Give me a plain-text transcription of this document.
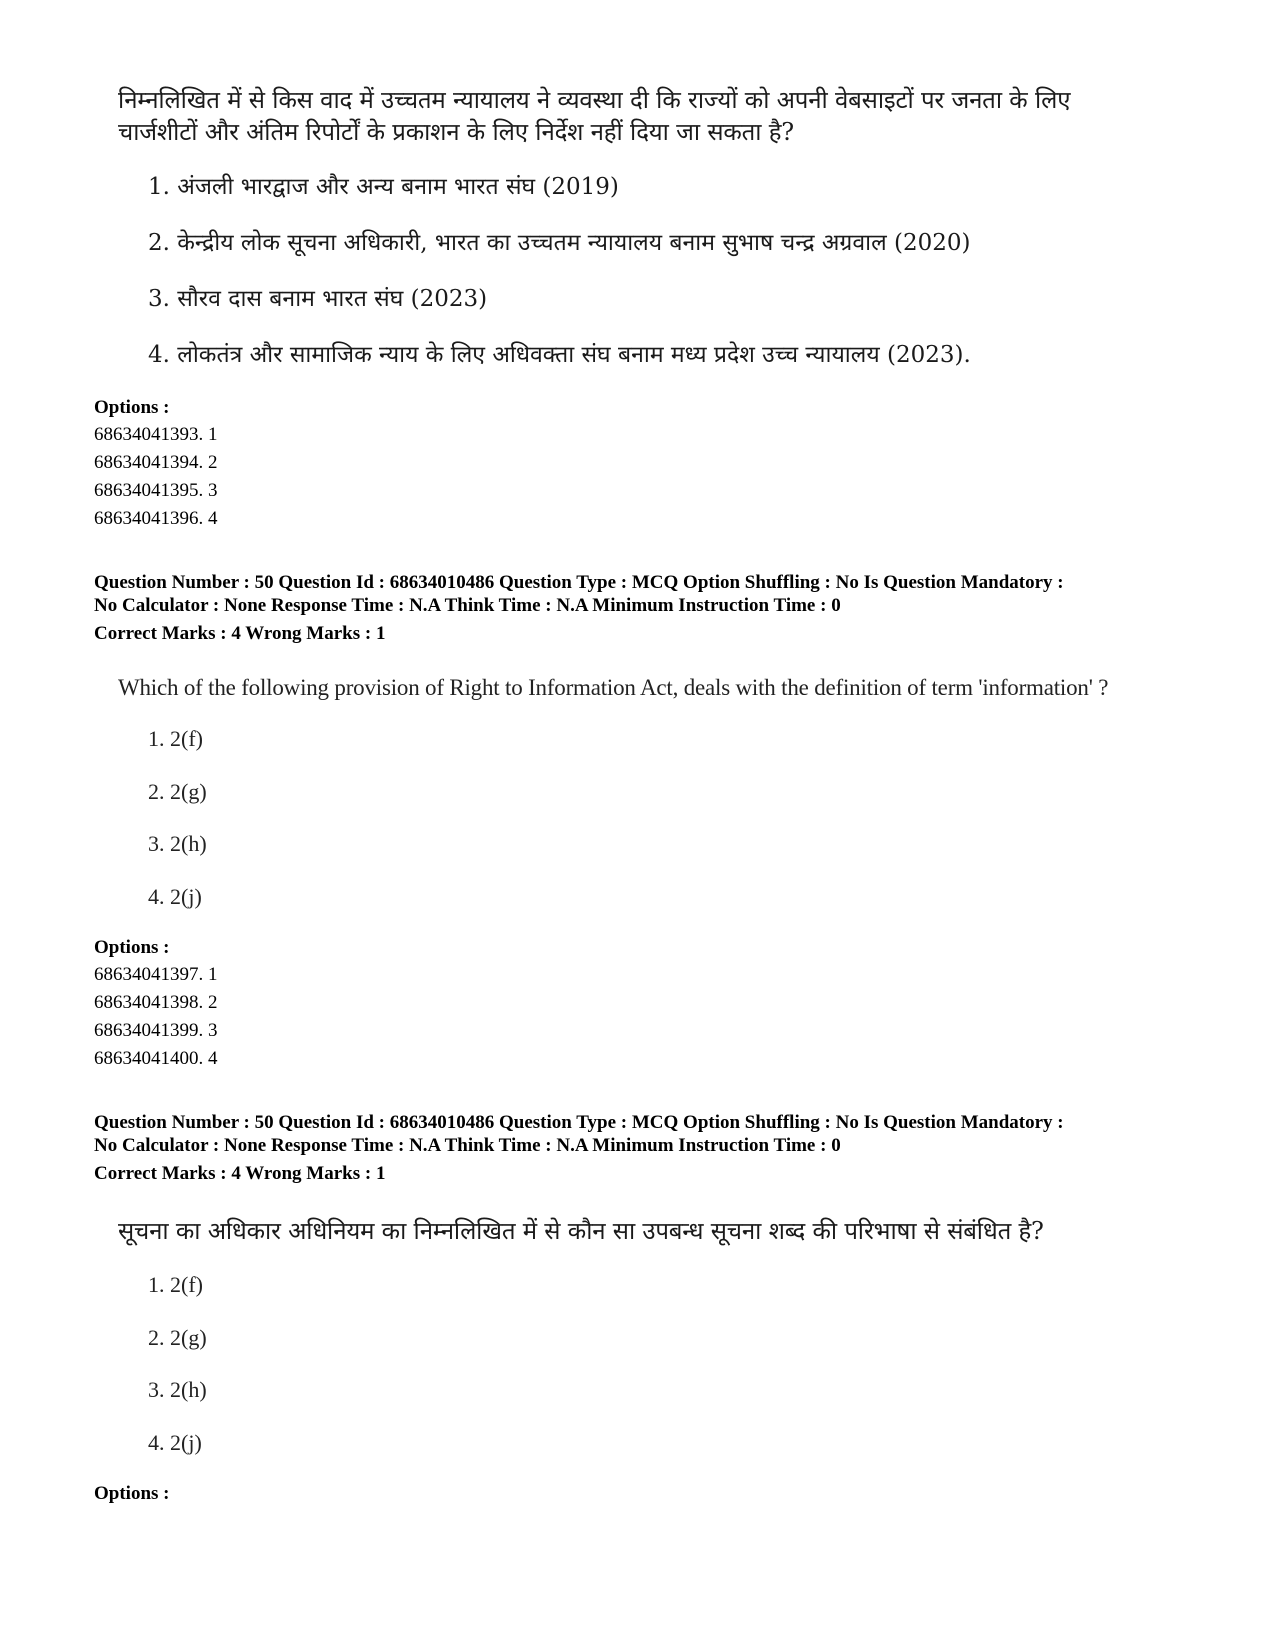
निम्नलिखित में से किस वाद में उच्चतम न्यायालय ने व्यवस्था दी कि राज्यों को अपनी वेबसाइटों पर जनता के लिए
चार्जशीटों और अंतिम रिपोर्टों के प्रकाशन के लिए निर्देश नहीं दिया जा सकता है?
1. अंजली भारद्वाज और अन्य बनाम भारत संघ (2019)
2. केन्द्रीय लोक सूचना अधिकारी, भारत का उच्चतम न्यायालय बनाम सुभाष चन्द्र अग्रवाल (2020)
3. सौरव दास बनाम भारत संघ (2023)
4. लोकतंत्र और सामाजिक न्याय के लिए अधिवक्ता संघ बनाम मध्य प्रदेश उच्च न्यायालय (2023).
Options :
68634041393. 1
68634041394. 2
68634041395. 3
68634041396. 4
Question Number : 50 Question Id : 68634010486 Question Type : MCQ Option Shuffling : No Is Question Mandatory :
No Calculator : None Response Time : N.A Think Time : N.A Minimum Instruction Time : 0
Correct Marks : 4 Wrong Marks : 1
Which of the following provision of Right to Information Act, deals with the definition of term 'information' ?
1. 2(f)
2. 2(g)
3. 2(h)
4. 2(j)
Options :
68634041397. 1
68634041398. 2
68634041399. 3
68634041400. 4
Question Number : 50 Question Id : 68634010486 Question Type : MCQ Option Shuffling : No Is Question Mandatory :
No Calculator : None Response Time : N.A Think Time : N.A Minimum Instruction Time : 0
Correct Marks : 4 Wrong Marks : 1
सूचना का अधिकार अधिनियम का निम्नलिखित में से कौन सा उपबन्ध सूचना शब्द की परिभाषा से संबंधित है?
1. 2(f)
2. 2(g)
3. 2(h)
4. 2(j)
Options :
